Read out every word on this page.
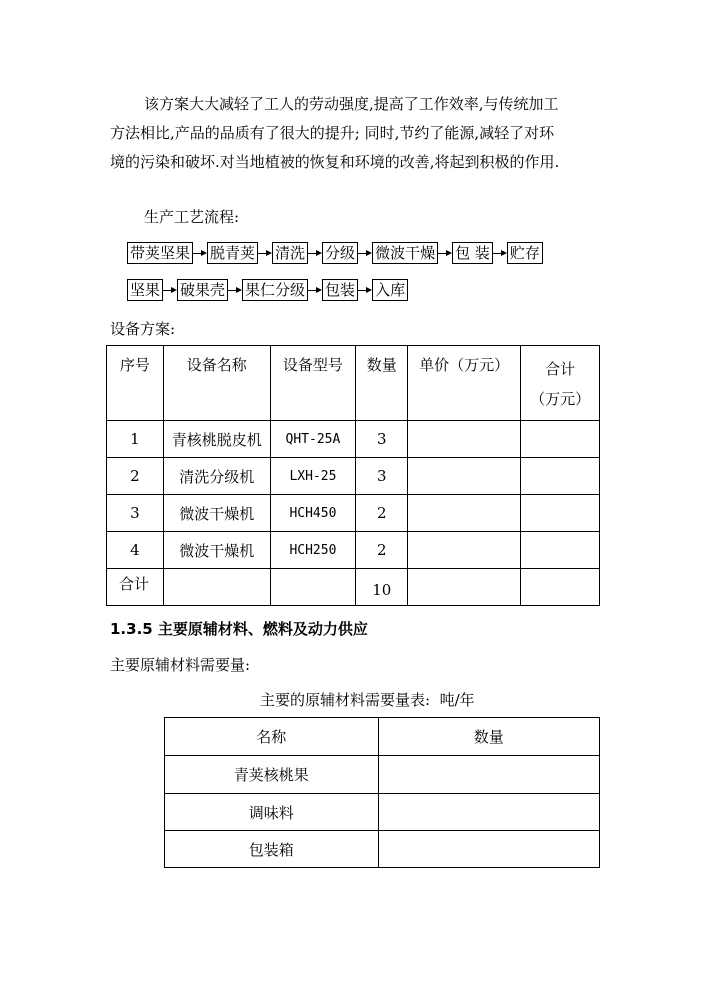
该方案大大减轻了工人的劳动强度,提高了工作效率,与传统加工
方法相比,产品的品质有了很大的提升; 同时,节约了能源,减轻了对环
境的污染和破坏.对当地植被的恢复和环境的改善,将起到积极的作用.
生产工艺流程:
带荚坚果 脱青荚 清洗 分级 微波干燥 包 装 贮存
坚果 破果壳 果仁分级 包装 入库
设备方案:
序号	设备名称	设备型号	数量	单价（万元）	合计
（万元）

1	青核桃脱皮机	QHT-25A	3		
2	清洗分级机	LXH-25	3		
3	微波干燥机	HCH450	2		
4	微波干燥机	HCH250	2		
合计			10		
1.3.5 主要原辅材料、燃料及动力供应
主要原辅材料需要量:
主要的原辅材料需要量表:  吨/年
名称	数量
青荚核桃果	
调味料	
包装箱	
